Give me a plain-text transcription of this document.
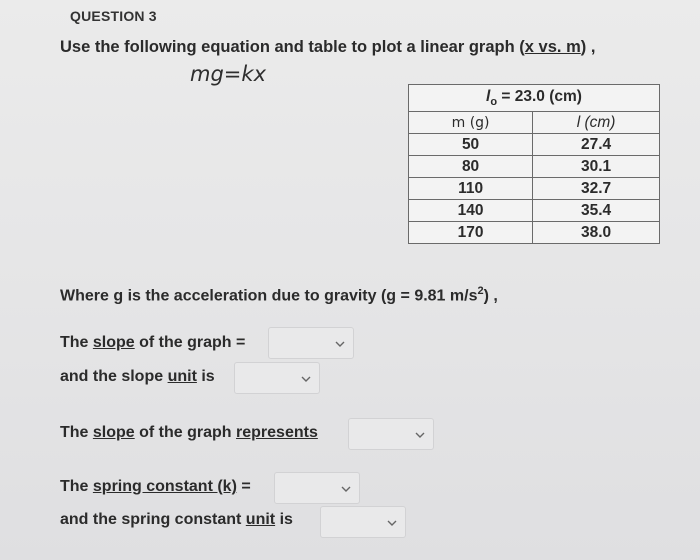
QUESTION 3
Use the following equation and table to plot a linear graph (x vs. m) ,
mg=kx
$l_o = 23.0$ (cm)	
m (g)	l (cm)
50	27.4
80	30.1
110	32.7
140	35.4
170	38.0
Where g is the acceleration due to gravity (g = 9.81 $m/s^2$) ,
The slope of the graph =
and the slope unit is
The slope of the graph represents
The spring constant (k) =
and the spring constant unit is
